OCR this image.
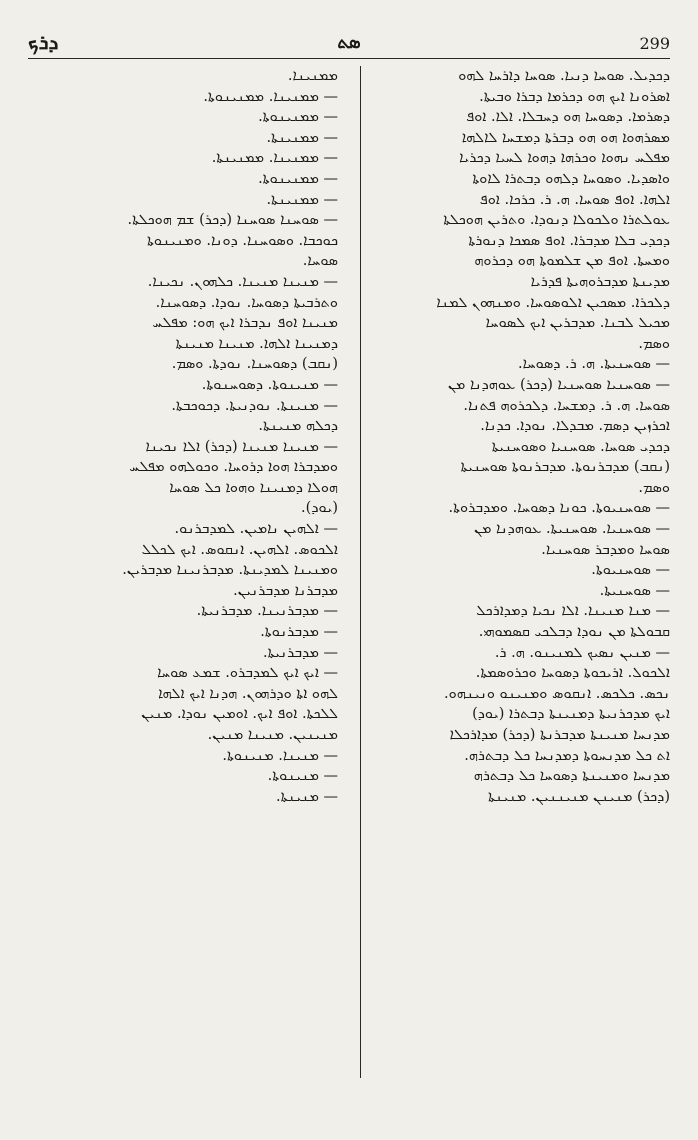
ܕܪܟ	ܣܬ	299
ܡܡܢܝܢܐ.
— ܡܡܢܝܢܐ. ܡܡܢܝܢܘܬܐ.
— ܡܡܢܝܢܘܬܐ.
— ܡܡܢܝܢܬܐ.
— ܡܡܢܝܢܐ. ܡܡܢܝܢܬܐ.
— ܡܡܢܝܢܘܬܐ.
— ܡܡܢܝܢܬܐ.
— ܣܘܚܢܐ ܣܘܚܢܐ (ܕܟܪ) ܫܡ ܗܘܟܠܬܐ.
ܟܘܟܒܐ. ܘܣܘܚܢܐ. ܕܘܢܐ. ܘܡܢܝܢܘܬܐ
ܣܘܚܐ.
— ܡܢܝܢܐ ܡܢܝܢܐ. ܟܠܗܘܢ. ܢܟܝܢܐ.
ܘܬܪܒܝܬܐ ܕܣܘܚܐ. ܢܘܕܐ. ܕܣܘܚܢܐ.
ܡܢܝܢܐ ܐܘܦ ܢܕܒܪܐ ܐܝܟ ܗܘ: ܡܦܠܚ
ܕܡܢܝܢܐ ܐܠܗܐ. ܡܢܝܢܐ ܡܢܝܢܬܐ
(ܢܩܒ) ܕܣܘܚܢܐ. ܢܘܕܬܐ. ܘܣܡ.
— ܡܢܝܢܘܬܐ. ܕܣܘܚܢܘܬܐ.
— ܡܢܝܢܬܐ. ܢܘܕܢܝܬܐ. ܕܟܘܟܒܬܐ.
ܕܟܠܗ ܡܢܝܢܬܐ.
— ܡܢܝܢܐ ܡܢܝܢܐ (ܕܟܪ) ܐܠܐ ܢܟܝܢܐ
ܘܡܕܒܪܐ ܗܘܐ ܕܪܘܚܐ. ܘܟܘܠܗܘ ܡܦܠܚ
ܗܘܠܐ ܕܡܢܝܢܐ ܘܗܘܐ ܟܠ ܣܘܚܐ
(ܝܘܕ).
— ܐܠܗܝܢ ܢܐܡܝܢ. ܠܡܕܒܪܢܘ.
ܐܠܟܘܣ. ܐܠܗܝܢ. ܐܢܩܘܣ. ܐܝܟ ܠܟܠܠ
ܘܡܢܝܢܐ ܠܡܕܝܢܬܐ. ܡܕܒܪܢܝܢܐ ܡܕܒܪܝܢ.
ܡܕܒܪܢܐ ܡܕܒܪܢܝܢ.
— ܡܕܒܪܢܝܢܐ. ܡܕܒܪܢܝܬܐ.
— ܡܕܒܪܢܘܬܐ.
— ܡܕܒܪܢܝܬܐ.
— ܐܝܟ ܐܝܟ ܠܡܕܒܪܘ. ܫܡܥ ܣܘܚܐ
ܠܗܘ ܐܬܐ ܘܕܪܗܘܢ. ܗܕܢܐ ܐܝܟ ܐܠܗܐ
ܠܠܟܬܐ. ܐܘܦ ܐܝܟ. ܐܘܡܝܢ ܢܘܕܐ. ܡܢܝܢ
ܡܢܝܢܝܢ. ܡܢܝܢܐ ܡܢܝܢ.
— ܡܢܝܢܐ. ܡܢܝܢܘܬܐ.
— ܡܢܝܢܘܬܐ.
— ܡܢܝܢܬܐ.
ܕܟܕܝܠ. ܣܘܚܐ ܕܢܝܐ. ܣܘܚܐ ܕܐܪܚܐ ܠܗܘ
ܐܣܪܘܢܐ ܐܝܟ ܗܘ ܕܟܪܡܐ ܕܒܪܐ ܘܒܝܬܐ.
ܕܣܪܡܐ. ܕܣܘܚܐ ܗܘ ܕܚܒܠܐ. ܐܠܐ. ܐܘܦ
ܡܣܪܗܘܐ ܗܘ ܗܘ ܕܒܪܬܐ ܕܡܫܚܐ ܠܐܠܗܐ
ܡܦܠܚ ܢܗܘܐ ܘܟܪܗܐ ܕܗܘܐ ܠܚܝܐ ܕܟܪܝܐ
ܘܐܣܕܝܐ. ܘܣܘܚܐ ܕܠܗܘ ܕܒܬܪܐ ܠܐܘܬܐ
ܐܠܗܐ. ܐܘܦ ܣܘܚܐ. ܗ. ܪ. ܟܪܟܐ. ܐܘܦ
ܥܘܠܬܪܐ ܘܠܟܘܠܐ ܕܢܘܕܐ. ܘܬܪܝܢ ܗܘܟܠܬܐ
ܕܟܕܝ ܒܠܐ ܡܕܒܪܐ. ܐܘܦ ܣܡܟܐ ܕܢܘܪܬܐ
ܘܡܚܬܐ. ܐܘܦ ܡܢ ܫܠܡܘܬܐ ܗܘ ܕܟܪܘܗ
ܡܕܝܢܬܐ ܡܕܒܪܘܗܝܬܐ ܦܕܪܝܐ
ܕܠܟܪܐ. ܡܣܟܝܢ ܐܠܘܣܘܚܐ. ܘܡܢܗܘܢ ܠܡܢܐ
ܡܟܝܠ ܠܒܢܐ. ܡܕܒܪܝܢ ܐܝܟ ܠܣܘܚܐ
ܘܣܡ.
— ܣܘܚܢܝܬܐ. ܗ. ܪ. ܕܣܘܚܐ.
— ܣܘܚܢܝܐ ܣܘܚܢܝܐ (ܕܟܪ) ܥܘܗܕܢܐ ܡܢ
ܣܘܚܐ. ܗ. ܪ. ܕܡܫܚܐ. ܕܠܟܪܘܗ ܦܬܢܐ.
ܐܟܪܙܝܢ ܕܣܡ. ܡܒܕܠܐ. ܢܘܕܐ. ܟܕܢܐ.
ܕܟܕܝ ܣܘܚܐ. ܣܘܚܢܝܐ ܘܣܘܚܢܝܬܐ
(ܢܩܒ) ܡܕܒܪܢܘܬܐ. ܡܕܒܪܢܘܬܐ ܣܘܚܢܝܬܐ
ܘܣܡ.
— ܣܘܚܢܝܘܬܐ. ܟܘܢܐ ܕܣܘܚܐ. ܘܡܕܒܪܘܬܐ.
— ܣܘܚܢܝܐ. ܣܘܚܢܝܬܐ. ܥܘܗܕܢܐ ܡܢ
ܣܘܚܐ ܘܡܕܒܪ ܣܘܚܢܝܐ.
— ܣܘܚܢܝܘܬܐ.
— ܣܘܚܢܝܬܐ.
— ܡܢܐ ܡܢܝܢܐ. ܐܠܐ ܢܟܝܐ ܕܡܕܐܪܟܠ
ܩܒܘܠܬܐ ܡܢ ܢܘܕܐ ܕܒܠܟܝ ܩܣܡܘܗܝ.
— ܡܢܝܢ ܢܣܝܟ ܠܡܢܝܢܘ. ܗ. ܪ.
ܐܠܟܘܠ. ܐܪܝܟܘܬܐ ܕܣܘܚܐ ܘܟܪܘܣܡܬܐ.
ܢܟܣ. ܟܠܟܣ. ܐܢܩܘܣ ܘܡܢܝܢܘ ܘܢܝܢܗܘ.
ܐܝܟ ܡܕܟܪܢܝܬܐ ܕܡܢܝܢܬܐ ܕܒܬܪܐ (ܝܘܕ)
ܡܕܢܚܐ ܡܢܝܢܬܐ ܡܕܒܪܢܬܐ (ܕܟܪ) ܡܕܐܪܟܠܐ
ܐܬ ܟܠ ܡܕܢܚܘܬܐ ܕܡܕܢܚܐ ܟܠ ܕܒܬܪܗ.
ܡܕܢܚܐ ܘܡܢܝܢܬܐ ܕܣܘܚܐ ܟܠ ܕܒܬܪܗ
(ܕܟܪ) ܡܢܝܢܢ ܡܢܝܢܢܝܢ. ܡܢܝܢܬܐ
